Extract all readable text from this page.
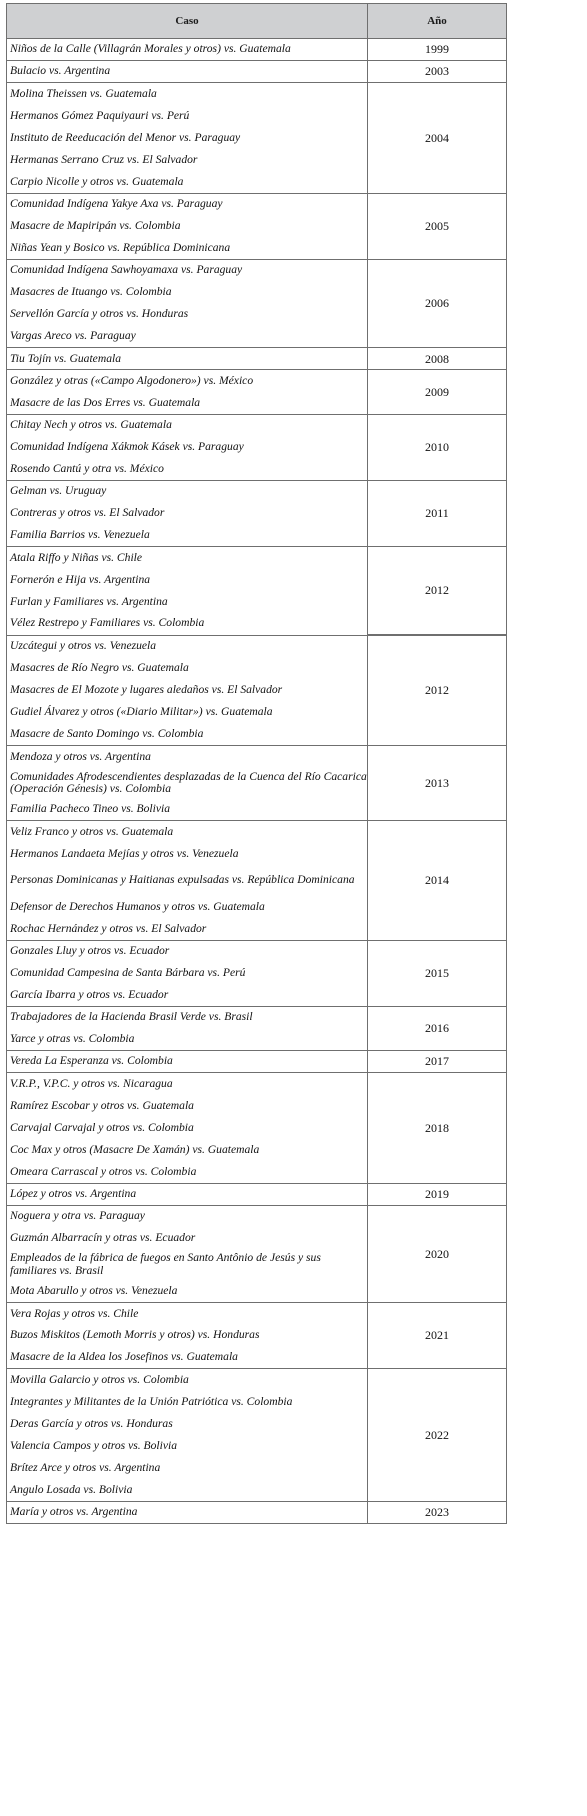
Caso	Año
Niños de la Calle (Villagrán Morales y otros) vs. Guatemala	1999
Bulacio vs. Argentina	2003
Molina Theissen vs. Guatemala	2004
Hermanos Gómez Paquiyauri vs. Perú	
Instituto de Reeducación del Menor vs. Paraguay	
Hermanas Serrano Cruz vs. El Salvador	
Carpio Nicolle y otros vs. Guatemala	
Comunidad Indígena Yakye Axa vs. Paraguay	2005
Masacre de Mapiripán vs. Colombia	
Niñas Yean y Bosico vs. República Dominicana	
Comunidad Indígena Sawhoyamaxa vs. Paraguay	2006
Masacres de Ituango vs. Colombia	
Servellón García y otros vs. Honduras	
Vargas Areco vs. Paraguay	
Tiu Tojín vs. Guatemala	2008
González y otras («Campo Algodonero») vs. México	2009
Masacre de las Dos Erres vs. Guatemala	
Chitay Nech y otros vs. Guatemala	2010
Comunidad Indígena Xákmok Kásek vs. Paraguay	
Rosendo Cantú y otra vs. México	
Gelman vs. Uruguay	2011
Contreras y otros vs. El Salvador	
Familia Barrios vs. Venezuela	
Atala Riffo y Niñas vs. Chile	2012
Fornerón e Hija vs. Argentina	
Furlan y Familiares vs. Argentina	
Vélez Restrepo y Familiares vs. Colombia	
Uzcátegui y otros vs. Venezuela	2012
Masacres de Río Negro vs. Guatemala	
Masacres de El Mozote y lugares aledaños vs. El Salvador	
Gudiel Álvarez y otros («Diario Militar») vs. Guatemala	
Masacre de Santo Domingo vs. Colombia	
Mendoza y otros vs. Argentina	2013
Comunidades Afrodescendientes desplazadas de la Cuenca del Río Cacarica (Operación Génesis) vs. Colombia	
Familia Pacheco Tineo vs. Bolivia	
Veliz Franco y otros vs. Guatemala	2014
Hermanos Landaeta Mejías y otros vs. Venezuela	
Personas Dominicanas y Haitianas expulsadas vs. República Dominicana	
Defensor de Derechos Humanos y otros vs. Guatemala	
Rochac Hernández y otros vs. El Salvador	
Gonzales Lluy y otros vs. Ecuador	2015
Comunidad Campesina de Santa Bárbara vs. Perú	
García Ibarra y otros vs. Ecuador	
Trabajadores de la Hacienda Brasil Verde vs. Brasil	2016
Yarce y otras vs. Colombia	
Vereda La Esperanza vs. Colombia	2017
V.R.P., V.P.C. y otros vs. Nicaragua	2018
Ramírez Escobar y otros vs. Guatemala	
Carvajal Carvajal y otros vs. Colombia	
Coc Max y otros (Masacre De Xamán) vs. Guatemala	
Omeara Carrascal y otros vs. Colombia	
López y otros vs. Argentina	2019
Noguera y otra vs. Paraguay	2020
Guzmán Albarracín y otras vs. Ecuador	
Empleados de la fábrica de fuegos en Santo Antônio de Jesús y sus familiares vs. Brasil	
Mota Abarullo y otros vs. Venezuela	
Vera Rojas y otros vs. Chile	2021
Buzos Miskitos (Lemoth Morris y otros) vs. Honduras	
Masacre de la Aldea los Josefinos vs. Guatemala	
Movilla Galarcio y otros vs. Colombia	2022
Integrantes y Militantes de la Unión Patriótica vs. Colombia	
Deras García y otros vs. Honduras	
Valencia Campos y otros vs. Bolivia	
Brítez Arce y otros vs. Argentina	
Angulo Losada vs. Bolivia	
María y otros vs. Argentina	2023
